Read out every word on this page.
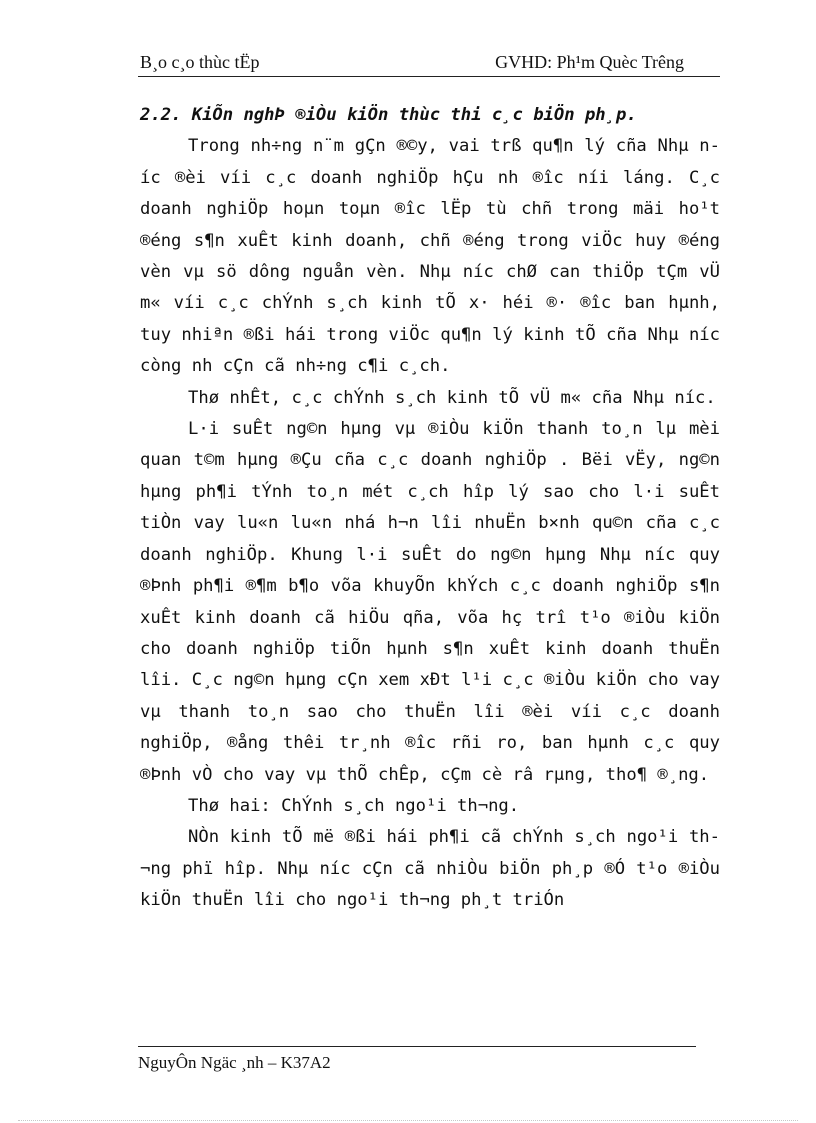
B¸o c¸o thùc tËp	GVHD: Ph¹m Quèc Trêng
2.2. KiÕn nghÞ ®iÒu kiÖn thùc thi c¸c biÖn ph¸p.

Trong nh÷ng n¨m gÇn ®©y, vai trß qu¶n lý cña Nhµ níc ®èi víi c¸c doanh nghiÖp hÇu nh ®îc níi láng. C¸c doanh nghiÖp hoµn toµn ®îc lËp tù chñ trong mäi ho¹t ®éng s¶n xuÊt kinh doanh, chñ ®éng trong viÖc huy ®éng vèn vµ sö dông nguån vèn. Nhµ níc chØ can thiÖp tÇm vÜ m« víi c¸c chÝnh s¸ch kinh tÕ x· héi ®· ®îc ban hµnh, tuy nhiªn ®ßi hái trong viÖc qu¶n lý kinh tÕ cña Nhµ níc còng nh cÇn cã nh÷ng c¶i c¸ch.

Thø nhÊt, c¸c chÝnh s¸ch kinh tÕ vÜ m« cña Nhµ níc.

L·i suÊt ng©n hµng vµ ®iÒu kiÖn thanh to¸n lµ mèi quan t©m hµng ®Çu cña c¸c doanh nghiÖp . Bëi vËy, ng©n hµng ph¶i tÝnh to¸n mét c¸ch hîp lý sao cho l·i suÊt tiÒn vay lu«n lu«n nhá h¬n lîi nhuËn b×nh qu©n cña c¸c doanh nghiÖp. Khung l·i suÊt do ng©n hµng Nhµ níc quy ®Þnh ph¶i ®¶m b¶o võa khuyÕn khÝch c¸c doanh nghiÖp s¶n xuÊt kinh doanh cã hiÖu qña, võa hç trî t¹o ®iÒu kiÖn cho doanh nghiÖp tiÕn hµnh s¶n xuÊt kinh doanh thuËn lîi. C¸c ng©n hµng cÇn xem xÐt l¹i c¸c ®iÒu kiÖn cho vay vµ thanh to¸n sao cho thuËn lîi ®èi víi c¸c doanh nghiÖp, ®ång thêi tr¸nh ®îc rñi ro, ban hµnh c¸c quy ®Þnh vÒ cho vay vµ thÕ chÊp, cÇm cè râ rµng, tho¶ ®¸ng.

Thø hai: ChÝnh s¸ch ngo¹i th¬ng.

NÒn kinh tÕ më ®ßi hái ph¶i cã chÝnh s¸ch ngo¹i th¬ng phï hîp. Nhµ níc cÇn cã nhiÒu biÖn ph¸p ®Ó t¹o ®iÒu kiÖn thuËn lîi cho ngo¹i th¬ng ph¸t triÓn

NguyÔn Ngäc ¸nh – K37A2
